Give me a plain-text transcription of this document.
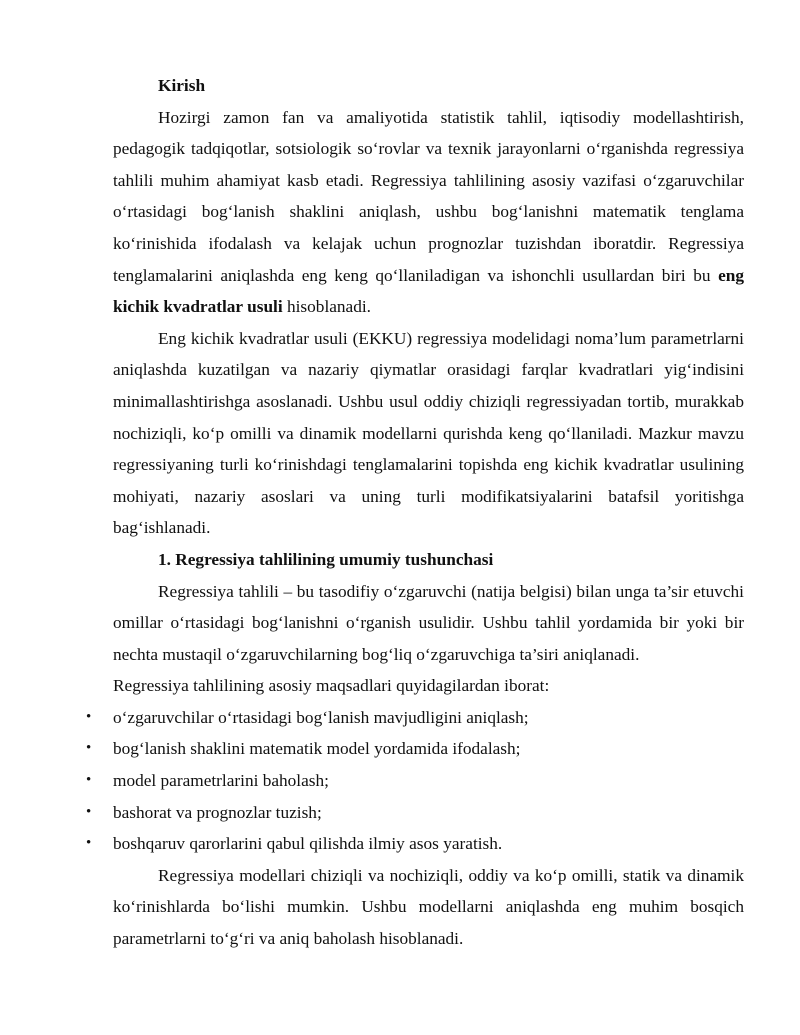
Kirish

Hozirgi zamon fan va amaliyotida statistik tahlil, iqtisodiy modellashtirish, pedagogik tadqiqotlar, sotsiologik so‘rovlar va texnik jarayonlarni o‘rganishda regressiya tahlili muhim ahamiyat kasb etadi. Regressiya tahlilining asosiy vazifasi o‘zgaruvchilar o‘rtasidagi bog‘lanish shaklini aniqlash, ushbu bog‘lanishni matematik tenglama ko‘rinishida ifodalash va kelajak uchun prognozlar tuzishdan iboratdir. Regressiya tenglamalarini aniqlashda eng keng qo‘llaniladigan va ishonchli usullardan biri bu eng kichik kvadratlar usuli hisoblanadi.

Eng kichik kvadratlar usuli (EKKU) regressiya modelidagi noma’lum parametrlarni aniqlashda kuzatilgan va nazariy qiymatlar orasidagi farqlar kvadratlari yig‘indisini minimallashtirishga asoslanadi. Ushbu usul oddiy chiziqli regressiyadan tortib, murakkab nochiziqli, ko‘p omilli va dinamik modellarni qurishda keng qo‘llaniladi. Mazkur mavzu regressiyaning turli ko‘rinishdagi tenglamalarini topishda eng kichik kvadratlar usulining mohiyati, nazariy asoslari va uning turli modifikatsiyalarini batafsil yoritishga bag‘ishlanadi.

1. Regressiya tahlilining umumiy tushunchasi

Regressiya tahlili – bu tasodifiy o‘zgaruvchi (natija belgisi) bilan unga ta’sir etuvchi omillar o‘rtasidagi bog‘lanishni o‘rganish usulidir. Ushbu tahlil yordamida bir yoki bir nechta mustaqil o‘zgaruvchilarning bog‘liq o‘zgaruvchiga ta’siri aniqlanadi.

Regressiya tahlilining asosiy maqsadlari quyidagilardan iborat:

• o‘zgaruvchilar o‘rtasidagi bog‘lanish mavjudligini aniqlash;
• bog‘lanish shaklini matematik model yordamida ifodalash;
• model parametrlarini baholash;
• bashorat va prognozlar tuzish;
• boshqaruv qarorlarini qabul qilishda ilmiy asos yaratish.

Regressiya modellari chiziqli va nochiziqli, oddiy va ko‘p omilli, statik va dinamik ko‘rinishlarda bo‘lishi mumkin. Ushbu modellarni aniqlashda eng muhim bosqich parametrlarni to‘g‘ri va aniq baholash hisoblanadi.
